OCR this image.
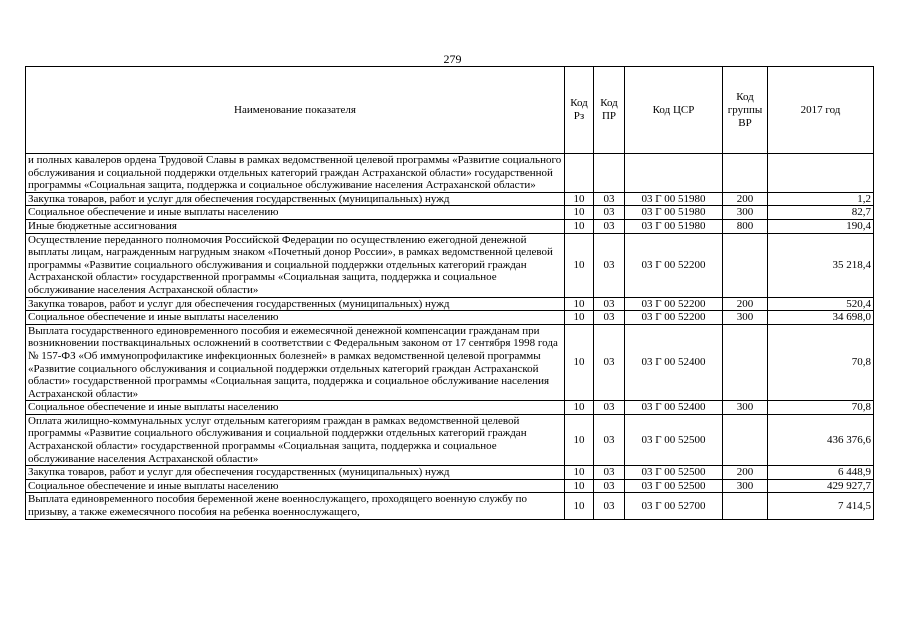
279
Наименование показателя	Код Рз	Код ПР	Код ЦСР	Код группы ВР	2017 год
и полных кавалеров ордена Трудовой Славы в рамках ведомственной целевой программы «Развитие социального обслуживания и социальной поддержки отдельных категорий граждан Астраханской области» государственной программы «Социальная защита, поддержка и социальное обслуживание населения Астраханской области»					
Закупка товаров, работ и услуг для обеспечения государственных (муниципальных) нужд	10	03	03 Г 00 51980	200	1,2
Социальное обеспечение и иные выплаты населению	10	03	03 Г 00 51980	300	82,7
Иные бюджетные ассигнования	10	03	03 Г 00 51980	800	190,4
Осуществление переданного полномочия Российской Федерации по осуществлению ежегодной денежной выплаты лицам, награжденным нагрудным знаком «Почетный донор России», в рамках ведомственной целевой программы «Развитие социального обслуживания и социальной поддержки отдельных категорий граждан Астраханской области» государственной программы «Социальная защита, поддержка и социальное обслуживание населения Астраханской области»	10	03	03 Г 00 52200		35 218,4
Закупка товаров, работ и услуг для обеспечения государственных (муниципальных) нужд	10	03	03 Г 00 52200	200	520,4
Социальное обеспечение и иные выплаты населению	10	03	03 Г 00 52200	300	34 698,0
Выплата государственного единовременного пособия и ежемесячной денежной компенсации гражданам при возникновении поствакцинальных осложнений в соответствии с Федеральным законом от 17 сентября 1998 года № 157-ФЗ «Об иммунопрофилактике инфекционных болезней» в рамках ведомственной целевой программы «Развитие социального обслуживания и социальной поддержки отдельных категорий граждан Астраханской области» государственной программы «Социальная защита, поддержка и социальное обслуживание населения Астраханской области»	10	03	03 Г 00 52400		70,8
Социальное обеспечение и иные выплаты населению	10	03	03 Г 00 52400	300	70,8
Оплата жилищно-коммунальных услуг отдельным категориям граждан в рамках ведомственной целевой программы «Развитие социального обслуживания и социальной поддержки отдельных категорий граждан Астраханской области» государственной программы «Социальная защита, поддержка и социальное обслуживание населения Астраханской области»	10	03	03 Г 00 52500		436 376,6
Закупка товаров, работ и услуг для обеспечения государственных (муниципальных) нужд	10	03	03 Г 00 52500	200	6 448,9
Социальное обеспечение и иные выплаты населению	10	03	03 Г 00 52500	300	429 927,7
Выплата единовременного пособия беременной жене военнослужащего, проходящего военную службу по призыву, а также ежемесячного пособия на ребенка военнослужащего,	10	03	03 Г 00 52700		7 414,5
